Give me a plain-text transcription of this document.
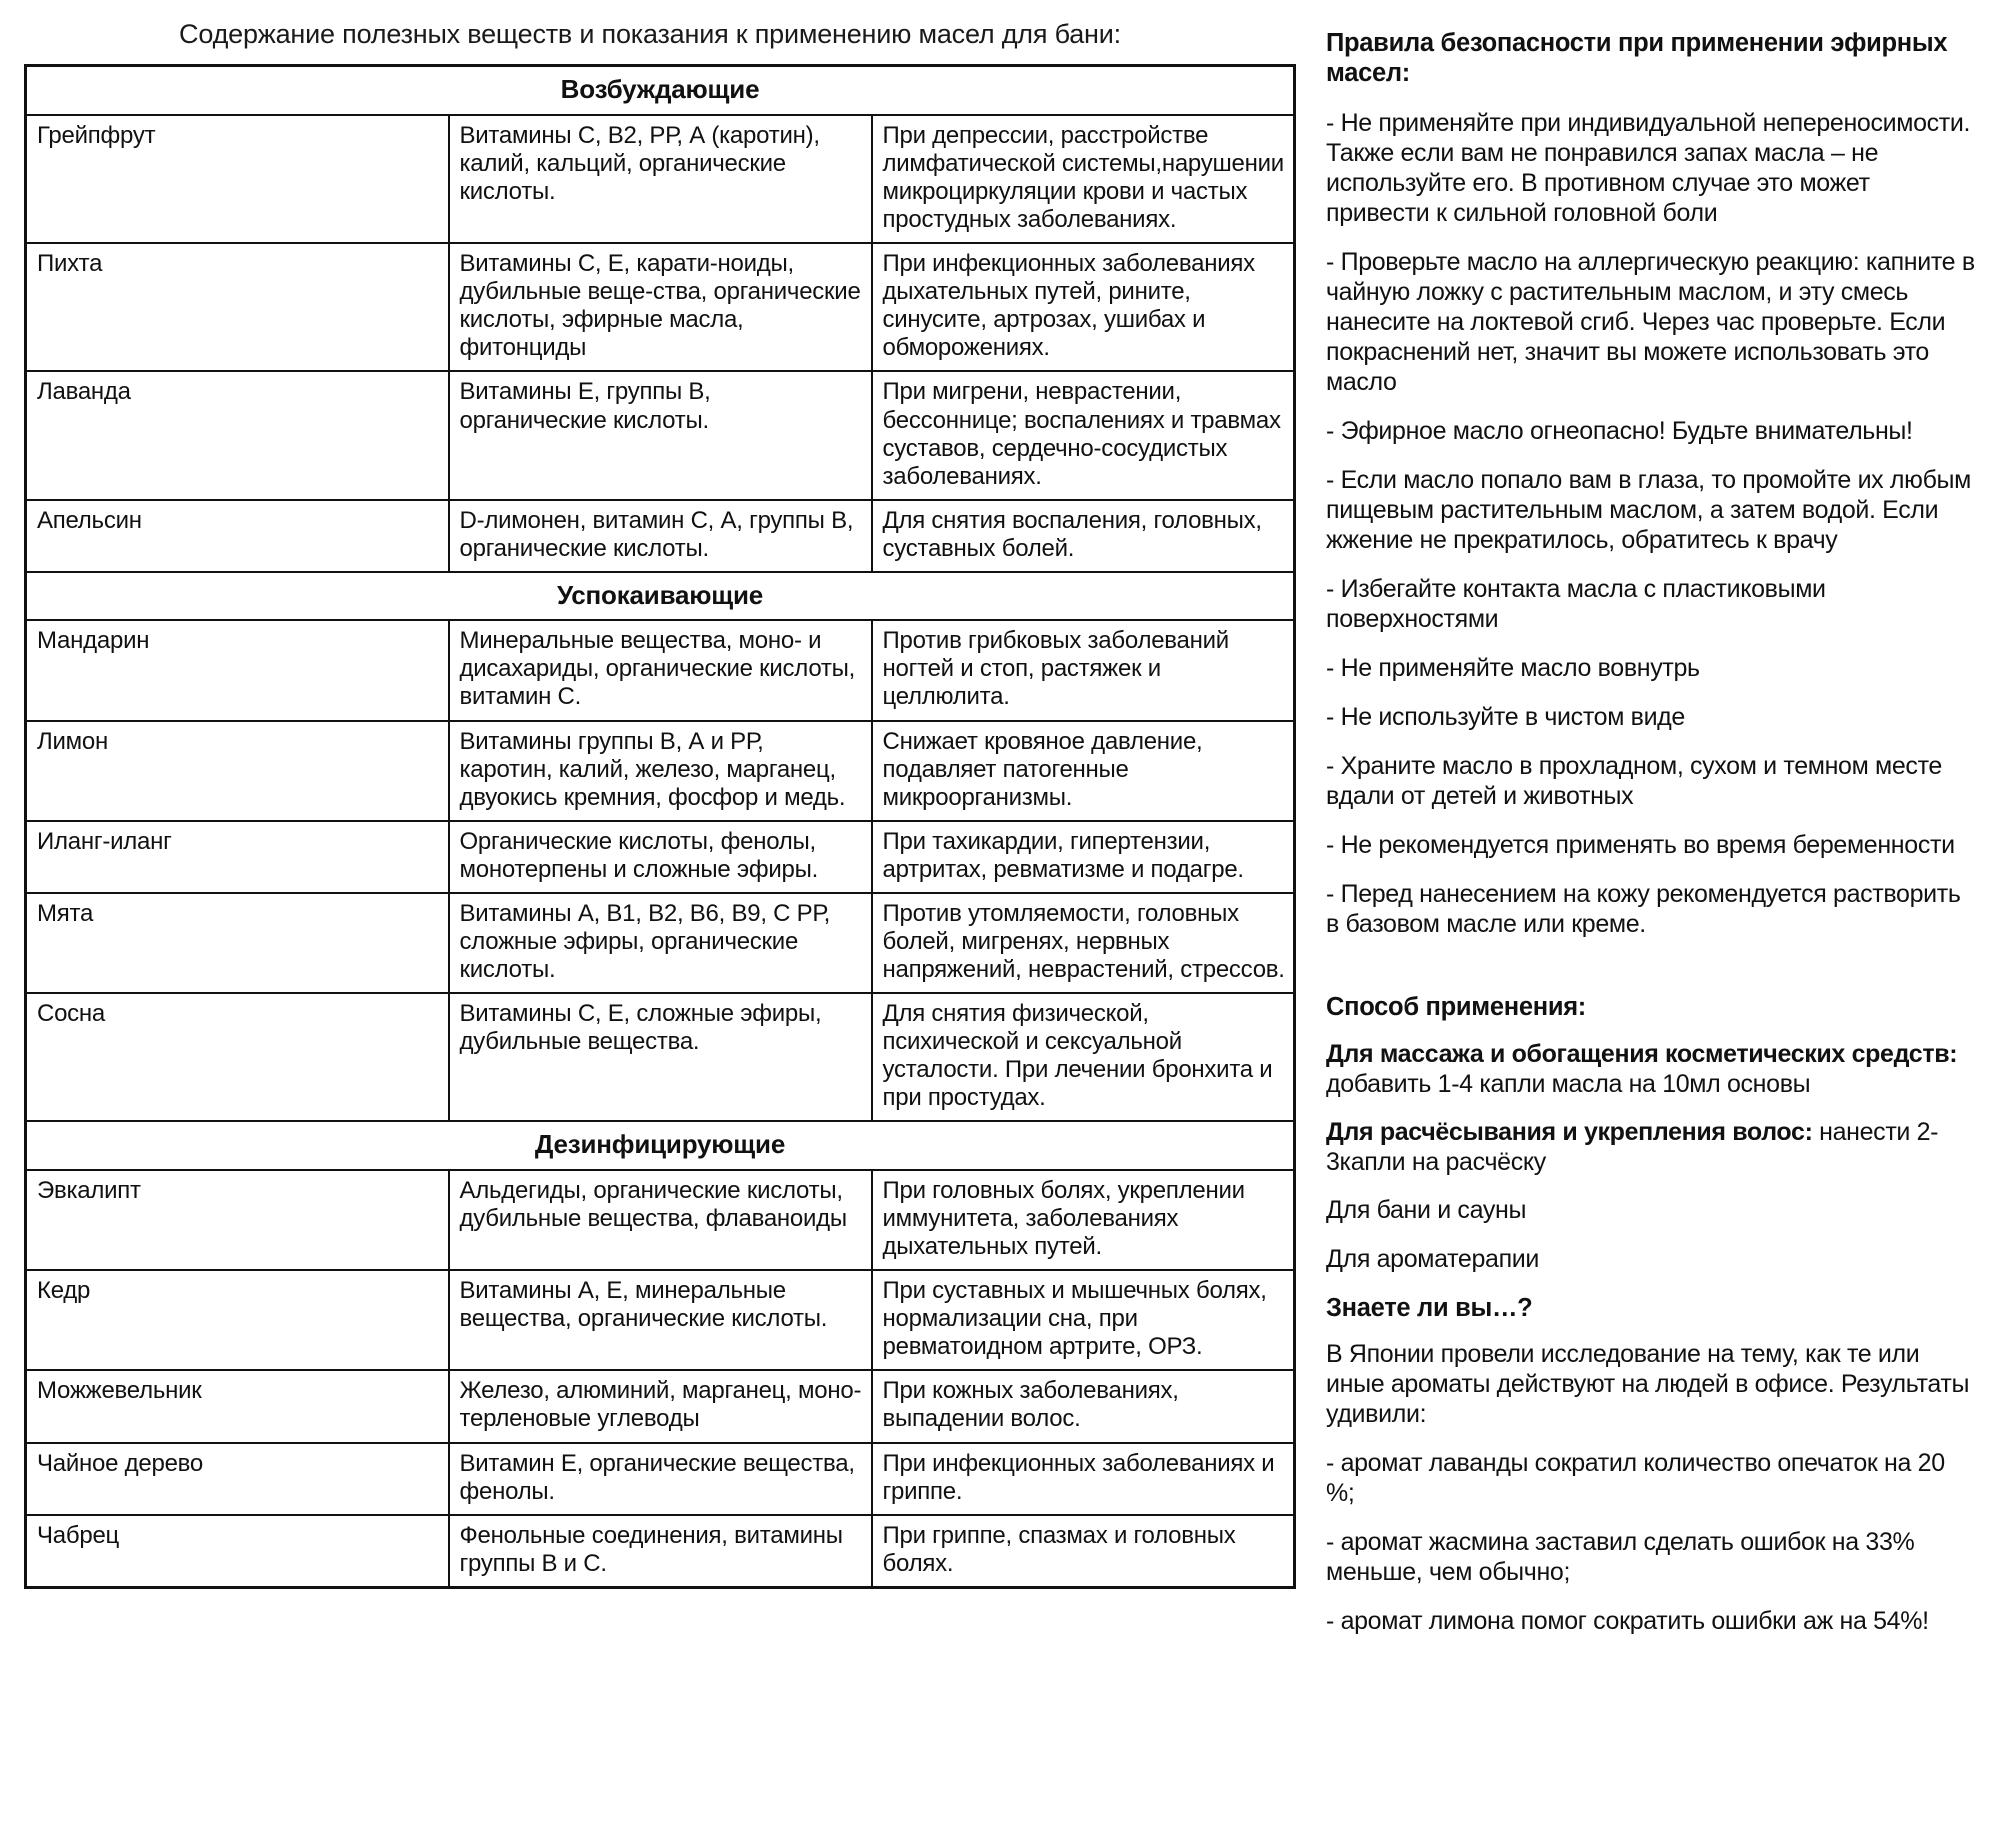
Содержание полезных веществ и показания к применению масел для бани:
Возбуждающие		
Грейпфрут	Витамины С, В2, РР, А (каротин), калий, кальций, органические кислоты.	При депрессии, расстройстве лимфатической системы,нарушении микроциркуляции крови и частых простудных заболеваниях.
Пихта	Витамины С, Е, карати-ноиды, дубильные веще-ства, органические кислоты, эфирные масла, фитонциды	При инфекционных заболеваниях дыхательных путей, рините, синусите, артрозах, ушибах и обморожениях.
Лаванда	Витамины Е, группы В, органические кислоты.	При мигрени, неврастении, бессоннице; воспалениях и травмах суставов, сердечно-сосудистых заболеваниях.
Апельсин	D-лимонен, витамин С, А, группы В, органические кислоты.	Для снятия воспаления, головных, суставных болей.
Успокаивающие		
Мандарин	Минеральные вещества, моно- и дисахариды, органические кислоты, витамин С.	Против грибковых заболеваний ногтей и стоп, растяжек и целлюлита.
Лимон	Витамины группы В, А и РР, каротин, калий, железо, марганец, двуокись кремния, фосфор и медь.	Снижает кровяное давление, подавляет патогенные микроорганизмы.
Иланг-иланг	Органические кислоты, фенолы, монотерпены и сложные эфиры.	При тахикардии, гипертензии, артритах, ревматизме и подагре.
Мята	Витамины А, В1, В2, В6, В9, С РР, сложные эфиры, органические кислоты.	Против утомляемости, головных болей, мигренях, нервных напряжений, неврастений, стрессов.
Сосна	Витамины С, Е, сложные эфиры, дубильные вещества.	Для снятия физической, психической и сексуальной усталости. При лечении бронхита и при простудах.
Дезинфицирующие		
Эвкалипт	Альдегиды, органические кислоты, дубильные вещества, флаваноиды	При головных болях, укреплении иммунитета, заболеваниях дыхательных путей.
Кедр	Витамины А, Е, минеральные вещества, органические кислоты.	При суставных и мышечных болях, нормализации сна, при ревматоидном артрите, ОРЗ.
Можжевельник	Железо, алюминий, марганец, моно-терленовые углеводы	При кожных заболеваниях, выпадении волос.
Чайное дерево	Витамин Е, органические вещества, фенолы.	При инфекционных заболеваниях и гриппе.
Чабрец	Фенольные соединения, витамины группы В и С.	При гриппе, спазмах и головных болях.
Правила безопасности при применении эфирных масел:
- Не применяйте при индивидуальной непереносимости. Также если вам не понравился запах масла – не используйте его. В противном случае это может привести к сильной головной боли
- Проверьте масло на аллергическую реакцию: капните в чайную ложку с растительным маслом, и эту смесь нанесите на локтевой сгиб. Через час проверьте. Если покраснений нет, значит вы можете использовать это масло
- Эфирное масло огнеопасно! Будьте внимательны!
- Если масло попало вам в глаза, то промойте их любым пищевым растительным маслом, а затем водой. Если жжение не прекратилось, обратитесь к врачу
- Избегайте контакта масла с пластиковыми поверхностями
- Не применяйте масло вовнутрь
- Не используйте в чистом виде
- Храните масло в прохладном, сухом и темном месте вдали от детей и животных
- Не рекомендуется применять во время беременности
- Перед нанесением на кожу рекомендуется растворить в базовом масле или креме.
Способ применения:
Для массажа и обогащения косметических средств: добавить 1-4 капли масла на 10мл основы
Для расчёсывания и укрепления волос: нанести 2-3капли на расчёску
Для бани и сауны
Для ароматерапии
Знаете ли вы…?
В Японии провели исследование на тему, как те или иные ароматы действуют на людей в офисе. Результаты удивили:
- аромат лаванды сократил количество опечаток на 20 %;
- аромат жасмина заставил сделать ошибок на 33% меньше, чем обычно;
- аромат лимона помог сократить ошибки аж на 54%!
